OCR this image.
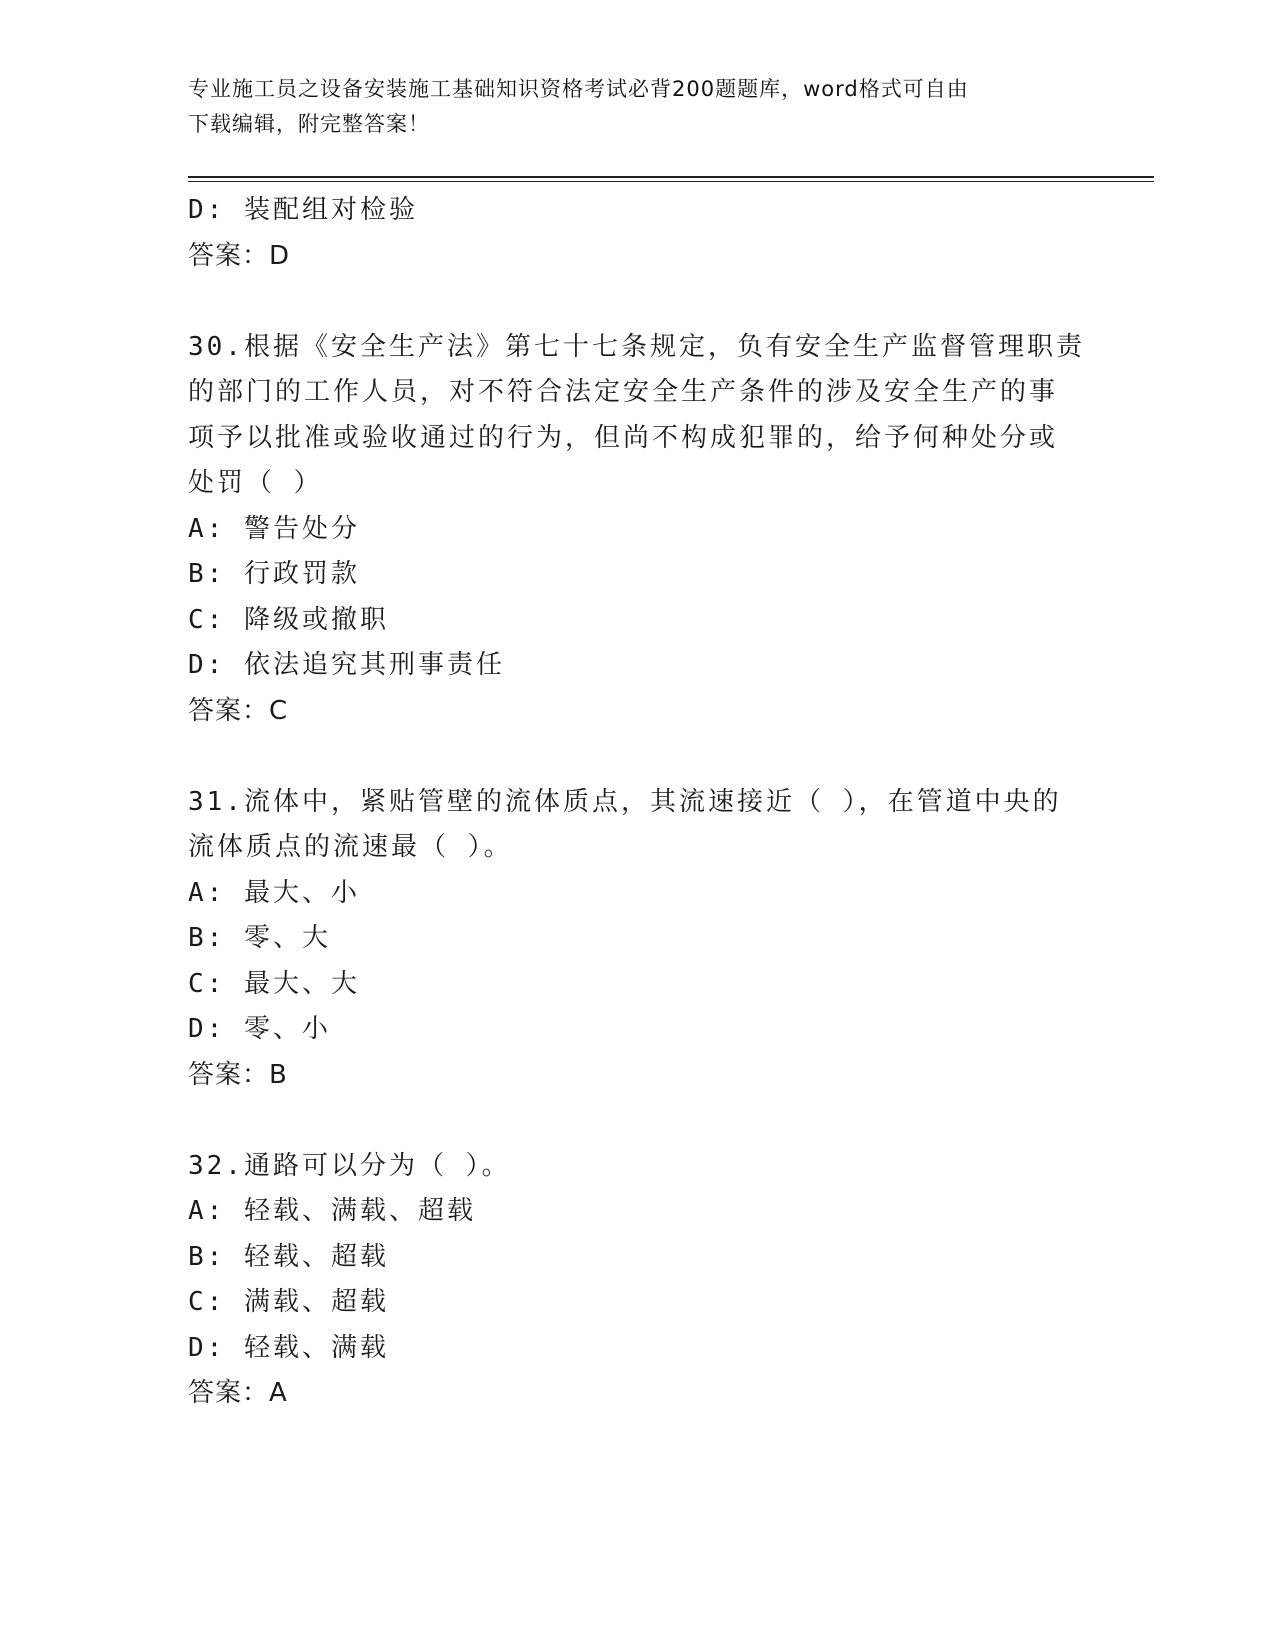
专业施工员之设备安装施工基础知识资格考试必背200题题库，word格式可自由
下载编辑，附完整答案！
D: 装配组对检验
答案：D
30.根据《安全生产法》第七十七条规定，负有安全生产监督管理职责
的部门的工作人员，对不符合法定安全生产条件的涉及安全生产的事
项予以批准或验收通过的行为，但尚不构成犯罪的，给予何种处分或
处罚（ ）
A: 警告处分
B: 行政罚款
C: 降级或撤职
D: 依法追究其刑事责任
答案：C
31.流体中，紧贴管壁的流体质点，其流速接近（ ），在管道中央的
流体质点的流速最（ ）。
A: 最大、小
B: 零、大
C: 最大、大
D: 零、小
答案：B
32.通路可以分为（ ）。
A: 轻载、满载、超载
B: 轻载、超载
C: 满载、超载
D: 轻载、满载
答案：A
